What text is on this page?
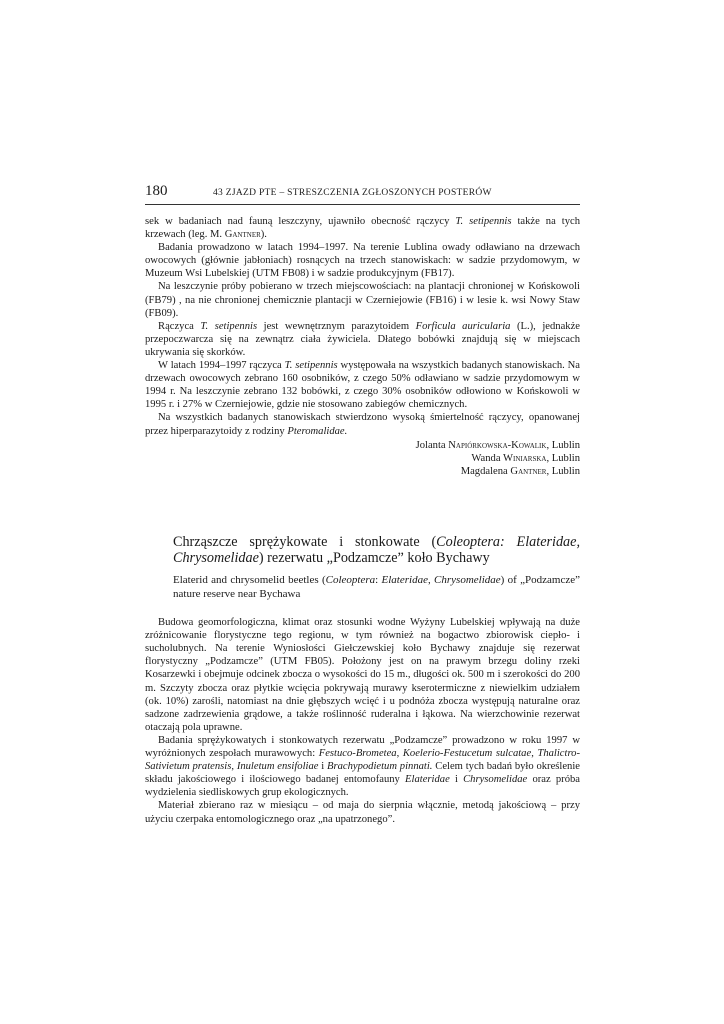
180	43 ZJAZD PTE – STRESZCZENIA ZGŁOSZONYCH POSTERÓW

sek w badaniach nad fauną leszczyny, ujawniło obecność rączycy T. setipennis także na tych krzewach (leg. M. Gantner).

Badania prowadzono w latach 1994–1997. Na terenie Lublina owady odławiano na drzewach owocowych (głównie jabłoniach) rosnących na trzech stanowiskach: w sadzie przydomowym, w Muzeum Wsi Lubelskiej (UTM FB08) i w sadzie produkcyjnym (FB17).

Na leszczynie próby pobierano w trzech miejscowościach: na plantacji chronionej w Końskowoli (FB79) , na nie chronionej chemicznie plantacji w Czerniejowie (FB16) i w lesie k. wsi Nowy Staw (FB09).

Rączyca T. setipennis jest wewnętrznym parazytoidem Forficula auricularia (L.), jednakże przepoczwarcza się na zewnątrz ciała żywiciela. Dłatego bobówki znajdują się w miejscach ukrywania się skorków.

W latach 1994–1997 rączyca T. setipennis występowała na wszystkich badanych stanowiskach. Na drzewach owocowych zebrano 160 osobników, z czego 50% odławiano w sadzie przydomowym w 1994 r. Na leszczynie zebrano 132 bobówki, z czego 30% osobników odłowiono w Końskowoli w 1995 r. i 27% w Czerniejowie, gdzie nie stosowano zabiegów chemicznych.

Na wszystkich badanych stanowiskach stwierdzono wysoką śmiertelność rączycy, opanowanej przez hiperparazytoidy z rodziny Pteromalidae.

Jolanta Napiórkowska-Kowalik, Lublin
Wanda Winiarska, Lublin
Magdalena Gantner, Lublin
Chrząszcze sprężykowate i stonkowate (Coleoptera: Elateridae, Chrysomelidae) rezerwatu „Podzamcze” koło Bychawy
Elaterid and chrysomelid beetles (Coleoptera: Elateridae, Chrysomelidae) of „Podzamcze” nature reserve near Bychawa

Budowa geomorfologiczna, klimat oraz stosunki wodne Wyżyny Lubelskiej wpływają na duże zróżnicowanie florystyczne tego regionu, w tym również na bogactwo zbiorowisk ciepło- i sucholubnych. Na terenie Wyniosłości Giełczewskiej koło Bychawy znajduje się rezerwat florystyczny „Podzamcze” (UTM FB05). Położony jest on na prawym brzegu doliny rzeki Kosarzewki i obejmuje odcinek zbocza o wysokości do 15 m., długości ok. 500 m i szerokości do 200 m. Szczyty zbocza oraz płytkie wcięcia pokrywają murawy kserotermiczne z niewielkim udziałem (ok. 10%) zarośli, natomiast na dnie głębszych wcięć i u podnóża zbocza występują naturalne oraz sadzone zadrzewienia grądowe, a także roślinność ruderalna i łąkowa. Na wierzchowinie rezerwat otaczają pola uprawne.

Badania sprężykowatych i stonkowatych rezerwatu „Podzamcze” prowadzono w roku 1997 w wyróżnionych zespołach murawowych: Festuco-Brometea, Koelerio-Festucetum sulcatae, Thalictro-Sativietum pratensis, Inuletum ensifoliae i Brachypodietum pinnati. Celem tych badań było określenie składu jakościowego i ilościowego badanej entomofauny Elateridae i Chrysomelidae oraz próba wydzielenia siedliskowych grup ekologicznych.

Materiał zbierano raz w miesiącu – od maja do sierpnia włącznie, metodą jakościową – przy użyciu czerpaka entomologicznego oraz „na upatrzonego”.
